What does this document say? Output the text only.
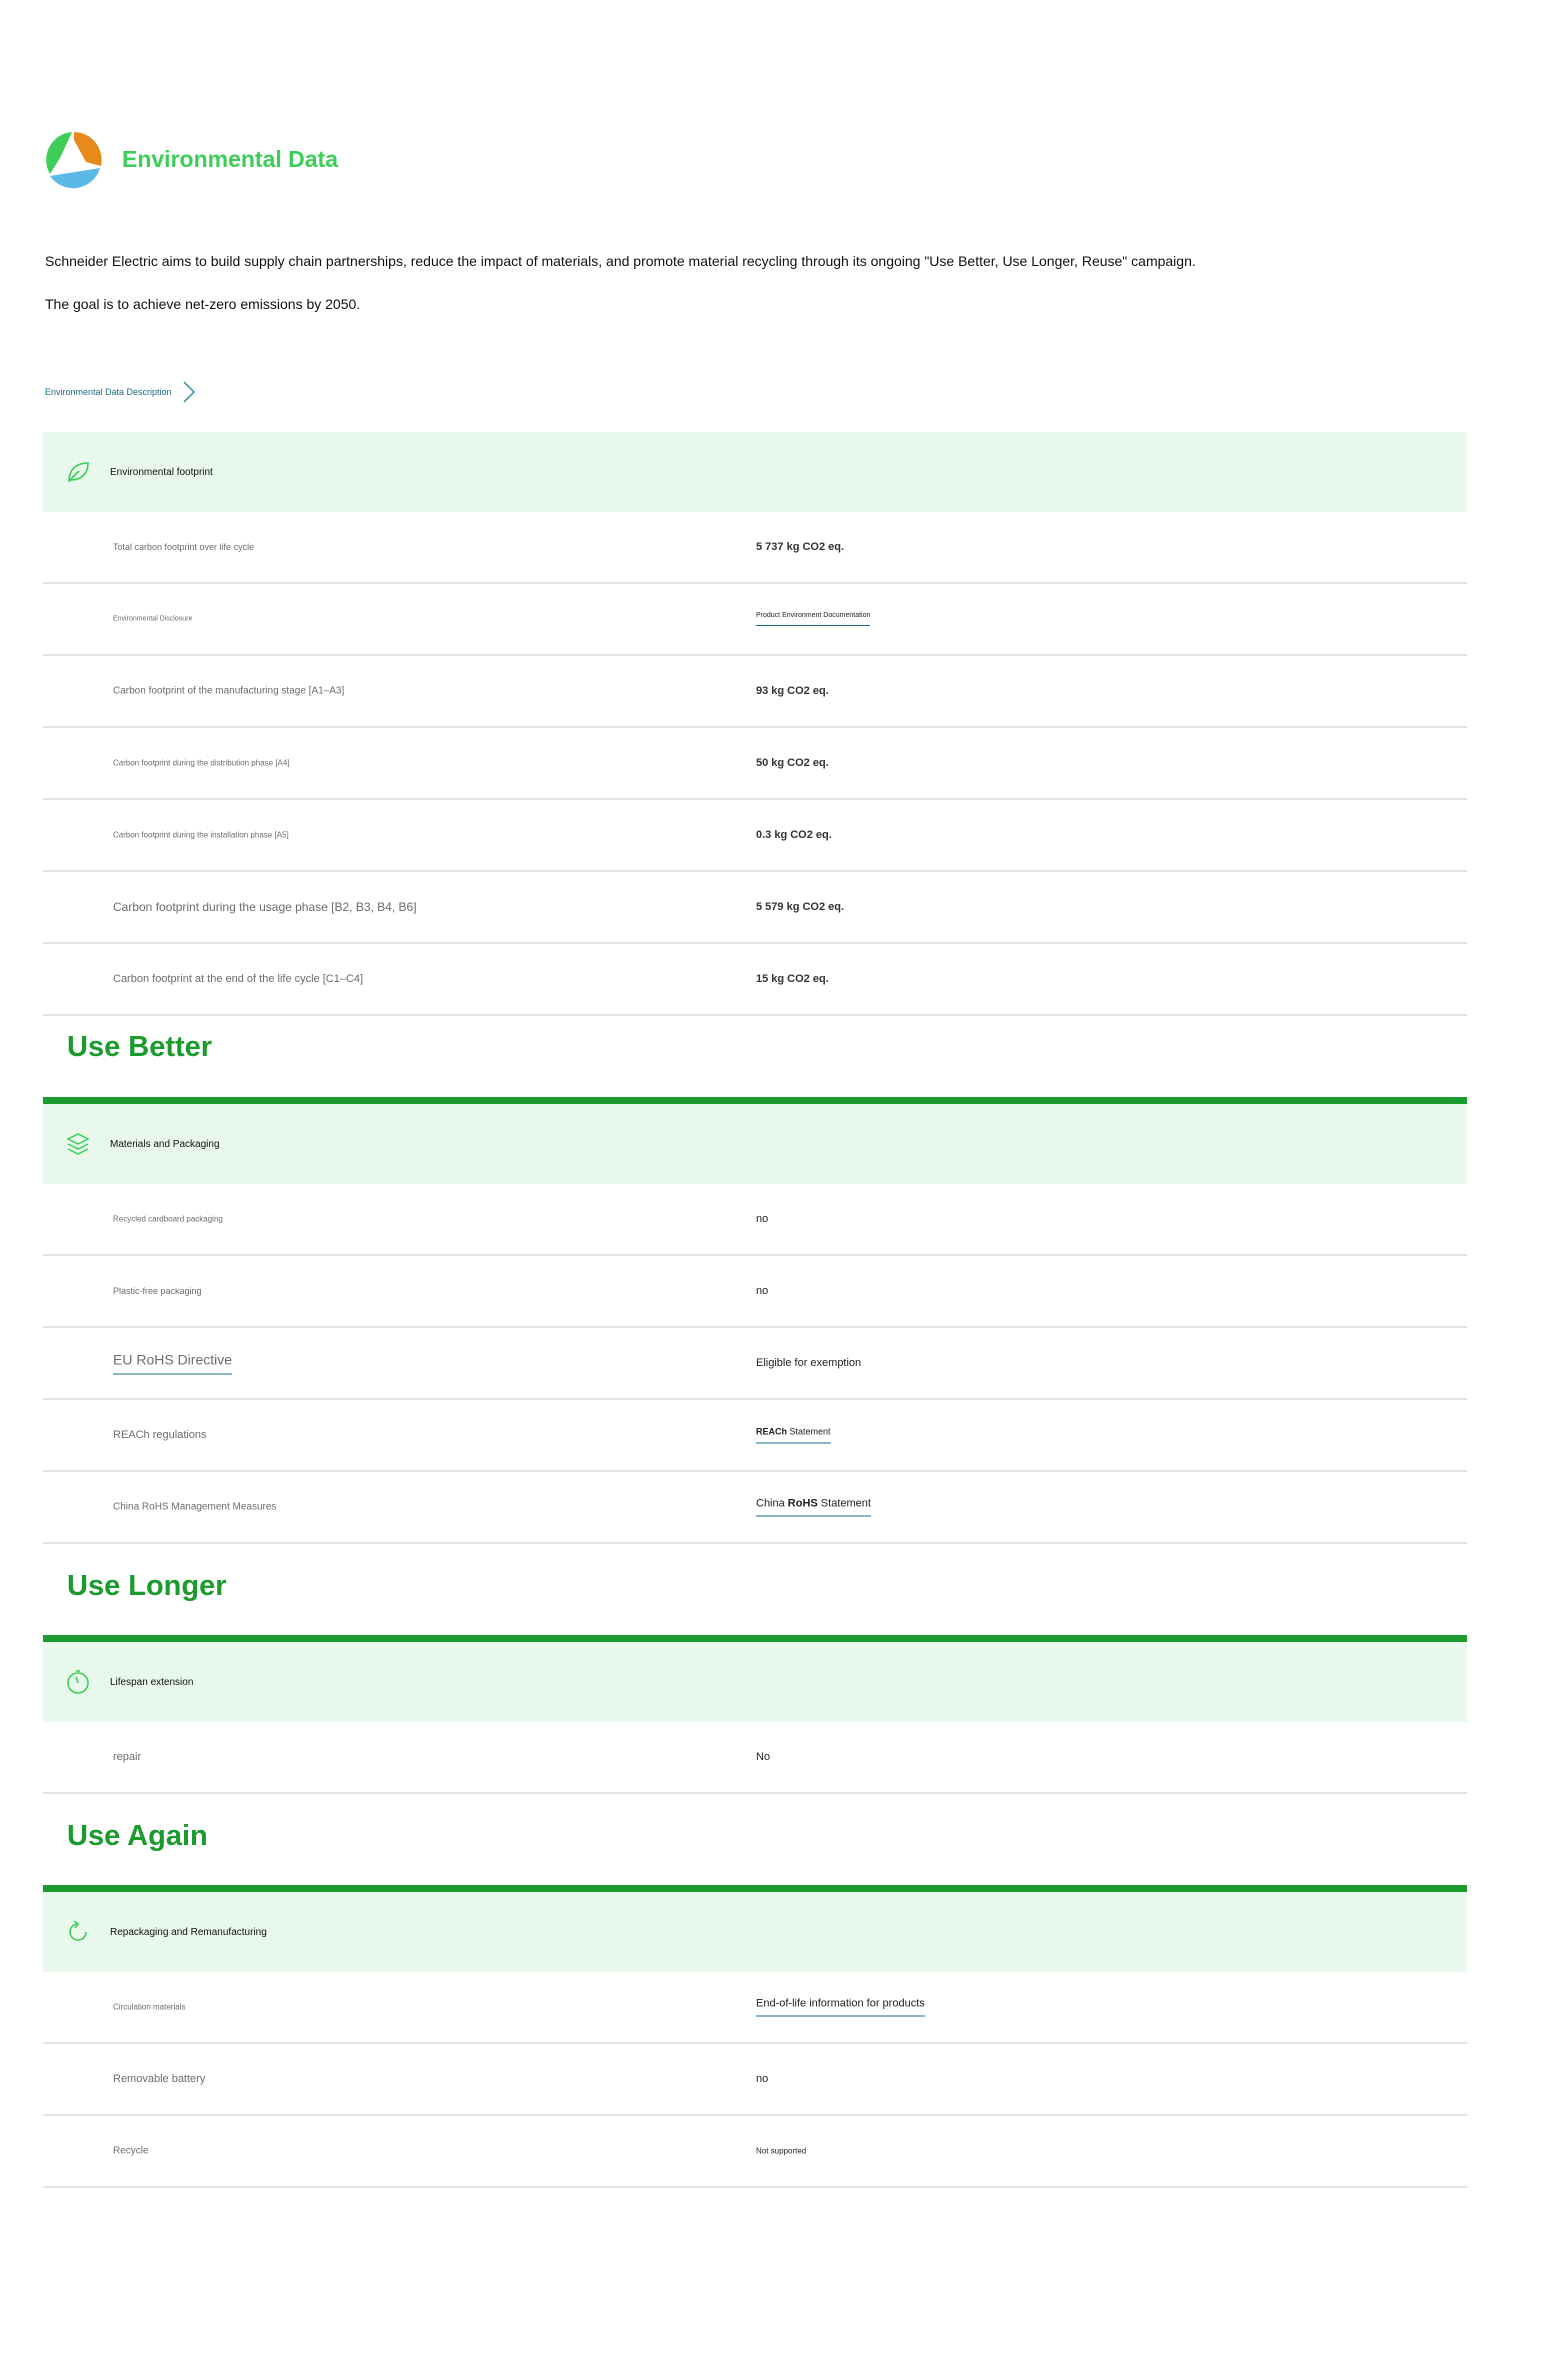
Environmental Data
Schneider Electric aims to build supply chain partnerships, reduce the impact of materials, and promote material recycling through its ongoing "Use Better, Use Longer, Reuse" campaign.
The goal is to achieve net-zero emissions by 2050.
Environmental Data Description
Environmental footprint
Total carbon footprint over life cycle	5 737 kg CO2 eq.
Environmental Disclosure	Product Environment Documentation
Carbon footprint of the manufacturing stage [A1–A3]	93 kg CO2 eq.
Carbon footprint during the distribution phase [A4]	50 kg CO2 eq.
Carbon footprint during the installation phase [A5]	0.3 kg CO2 eq.
Carbon footprint during the usage phase [B2, B3, B4, B6]	5 579 kg CO2 eq.
Carbon footprint at the end of the life cycle [C1–C4]	15 kg CO2 eq.
Use Better
Materials and Packaging
Recycled cardboard packaging	no
Plastic-free packaging	no
EU RoHS Directive	Eligible for exemption
REACh regulations	REACh Statement
China RoHS Management Measures	China RoHS Statement
Use Longer
Lifespan extension
repair	No
Use Again
Repackaging and Remanufacturing
Circulation materials	End-of-life information for products
Removable battery	no
Recycle	Not supported
